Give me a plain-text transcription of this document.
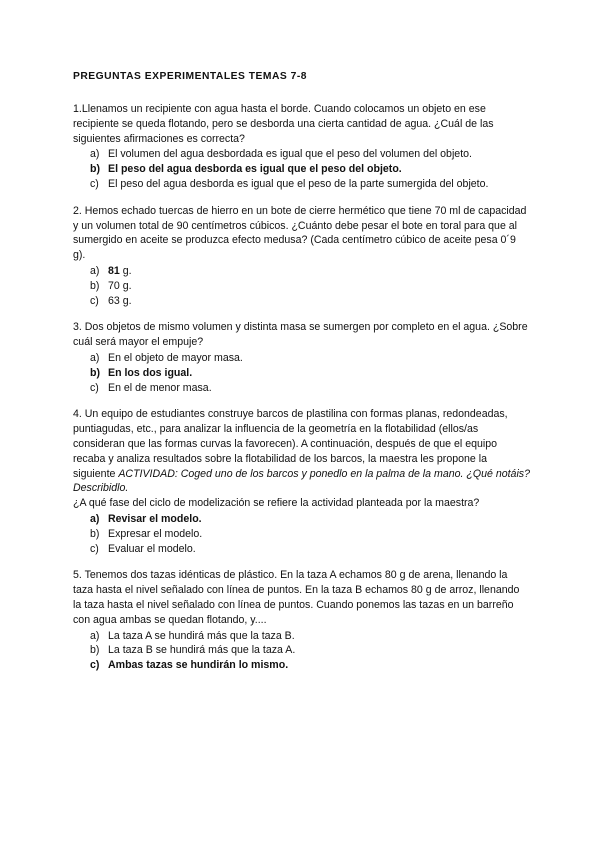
PREGUNTAS EXPERIMENTALES TEMAS 7-8

1.Llenamos un recipiente con agua hasta el borde. Cuando colocamos un objeto en ese recipiente se queda flotando, pero se desborda una cierta cantidad de agua. ¿Cuál de las siguientes afirmaciones es correcta?

a) El volumen del agua desbordada es igual que el peso del volumen del objeto.
b) El peso del agua desborda es igual que el peso del objeto.
c) El peso del agua desborda es igual que el peso de la parte sumergida del objeto.

2. Hemos echado tuercas de hierro en un bote de cierre hermético que tiene 70 ml de capacidad y un volumen total de 90 centímetros cúbicos. ¿Cuánto debe pesar el bote en toral para que al sumergido en aceite se produzca efecto medusa? (Cada centímetro cúbico de aceite pesa 0´9 g).

a) 81 g.
b) 70 g.
c) 63 g.

3. Dos objetos de mismo volumen y distinta masa se sumergen por completo en el agua. ¿Sobre cuál será mayor el empuje?

a) En el objeto de mayor masa.
b) En los dos igual.
c) En el de menor masa.

4. Un equipo de estudiantes construye barcos de plastilina con formas planas, redondeadas, puntiagudas, etc., para analizar la influencia de la geometría en la flotabilidad (ellos/as consideran que las formas curvas la favorecen). A continuación, después de que el equipo recaba y analiza resultados sobre la flotabilidad de los barcos, la maestra les propone la siguiente ACTIVIDAD: Coged uno de los barcos y ponedlo en la palma de la mano. ¿Qué notáis? Describidlo.

¿A qué fase del ciclo de modelización se refiere la actividad planteada por la maestra?

a) Revisar el modelo.
b) Expresar el modelo.
c) Evaluar el modelo.

5. Tenemos dos tazas idénticas de plástico. En la taza A echamos 80 g de arena, llenando la taza hasta el nivel señalado con línea de puntos. En la taza B echamos 80 g de arroz, llenando la taza hasta el nivel señalado con línea de puntos. Cuando ponemos las tazas en un barreño con agua ambas se quedan flotando, y....

a) La taza A se hundirá más que la taza B.
b) La taza B se hundirá más que la taza A.
c) Ambas tazas se hundirán lo mismo.
